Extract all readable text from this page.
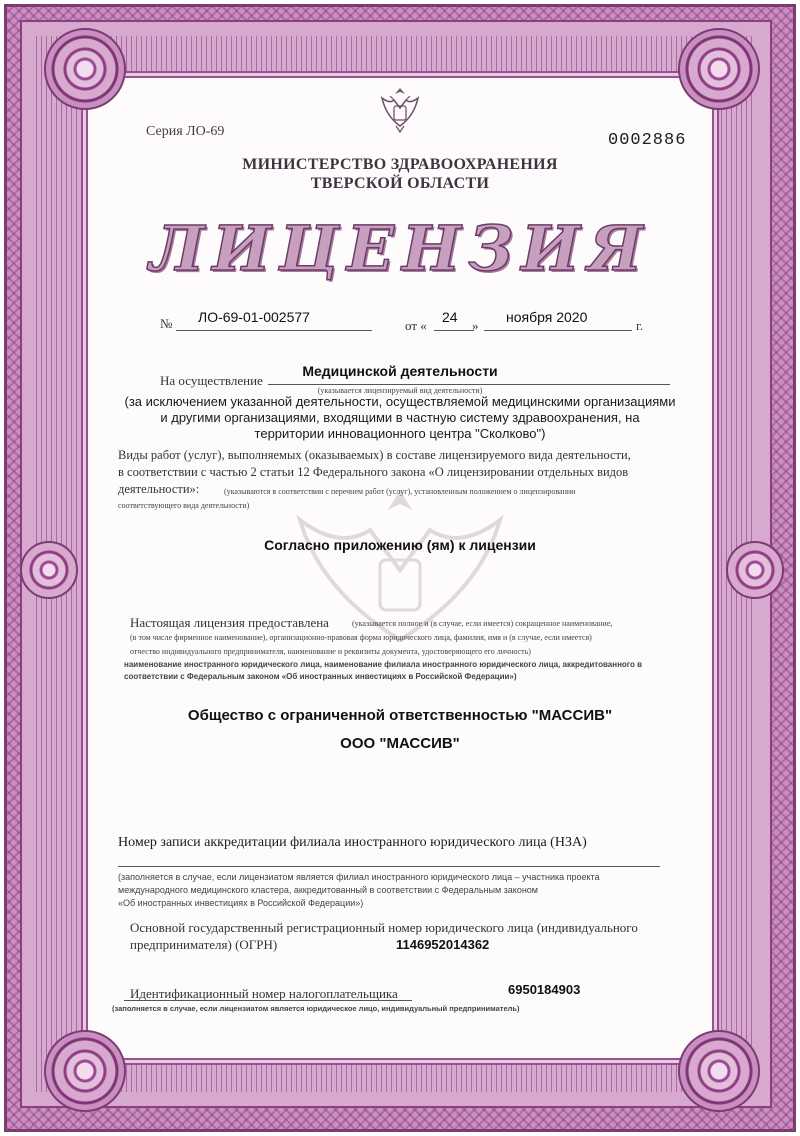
Серия ЛО-69	0002886
МИНИСТЕРСТВО ЗДРАВООХРАНЕНИЯ
ТВЕРСКОЙ ОБЛАСТИ
ЛИЦЕНЗИЯ
№ ЛО-69-01-002577
от «
24
»
ноября 2020
г.
На осуществление
Медицинской деятельности
(указывается лицензируемый вид деятельности)
(за исключением указанной деятельности, осуществляемой медицинскими организациями
и другими организациями, входящими в частную систему здравоохранения, на
территории инновационного центра "Сколково")
Виды работ (услуг), выполняемых (оказываемых) в составе лицензируемого вида деятельности,
в соответствии с частью 2 статьи 12 Федерального закона «О лицензировании отдельных видов
деятельности»:	(указываются в соответствии с перечнем работ (услуг), установленным положением о лицензировании
соответствующего вида деятельности)
Согласно приложению (ям) к лицензии
Настоящая лицензия предоставлена	(указывается полное и (в случае, если имеется) сокращенное наименование,
(в том числе фирменное наименование), организационно-правовая форма юридического лица, фамилия, имя и (в случае, если имеется)
отчество индивидуального предпринимателя, наименование и реквизиты документа, удостоверяющего его личность)
наименование иностранного юридического лица, наименование филиала иностранного юридического лица, аккредитованного в
соответствии с Федеральным законом «Об иностранных инвестициях в Российской Федерации»)
Общество с ограниченной ответственностью "МАССИВ"
ООО "МАССИВ"
Номер записи аккредитации филиала иностранного юридического лица (НЗА)
(заполняется в случае, если лицензиатом является филиал иностранного юридического лица – участника проекта
международного медицинского кластера, аккредитованный в соответствии с Федеральным законом
«Об иностранных инвестициях в Российской Федерации»)
Основной государственный регистрационный номер юридического лица (индивидуального
предпринимателя) (ОГРН)	1146952014362
Идентификационный номер налогоплательщика	6950184903
(заполняется в случае, если лицензиатом является юридическое лицо, индивидуальный предприниматель)
